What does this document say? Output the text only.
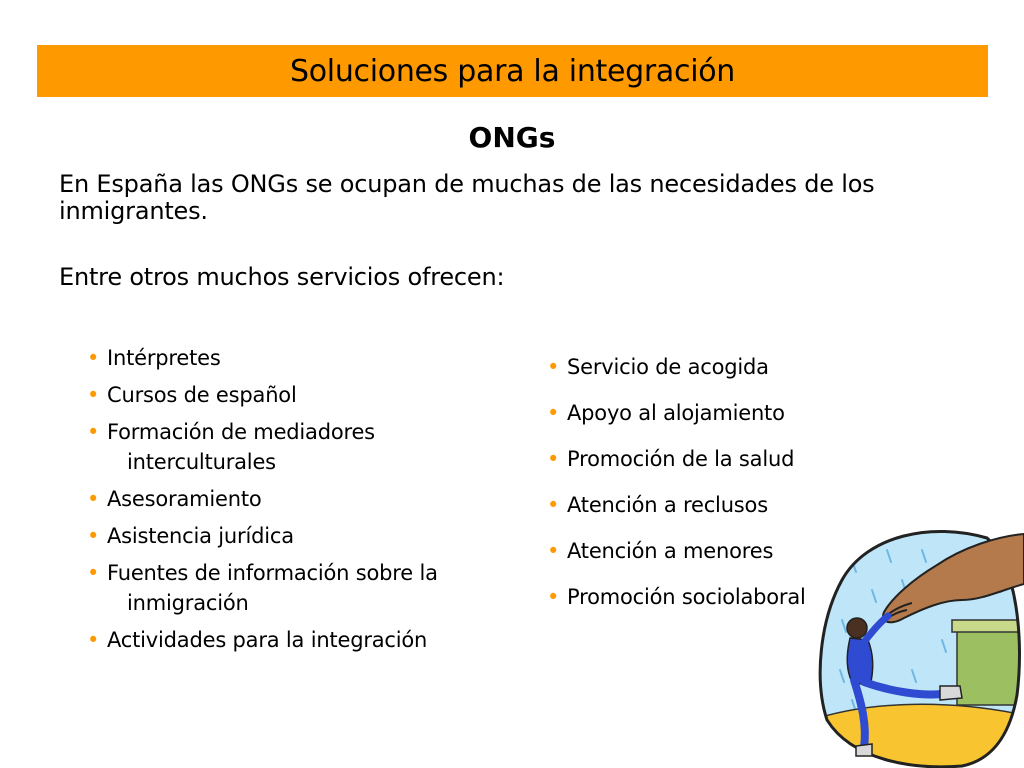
Soluciones para la integración
ONGs
En España las ONGs se ocupan de muchas de las necesidades de los inmigrantes.
Entre otros muchos servicios ofrecen:
• Intérpretes
• Cursos de español
• Formación de mediadores
interculturales
• Asesoramiento
• Asistencia jurídica
• Fuentes de información sobre la
inmigración
• Actividades para la integración
• Servicio de acogida
• Apoyo al alojamiento
• Promoción de la salud
• Atención a reclusos
• Atención a menores
• Promoción sociolaboral
